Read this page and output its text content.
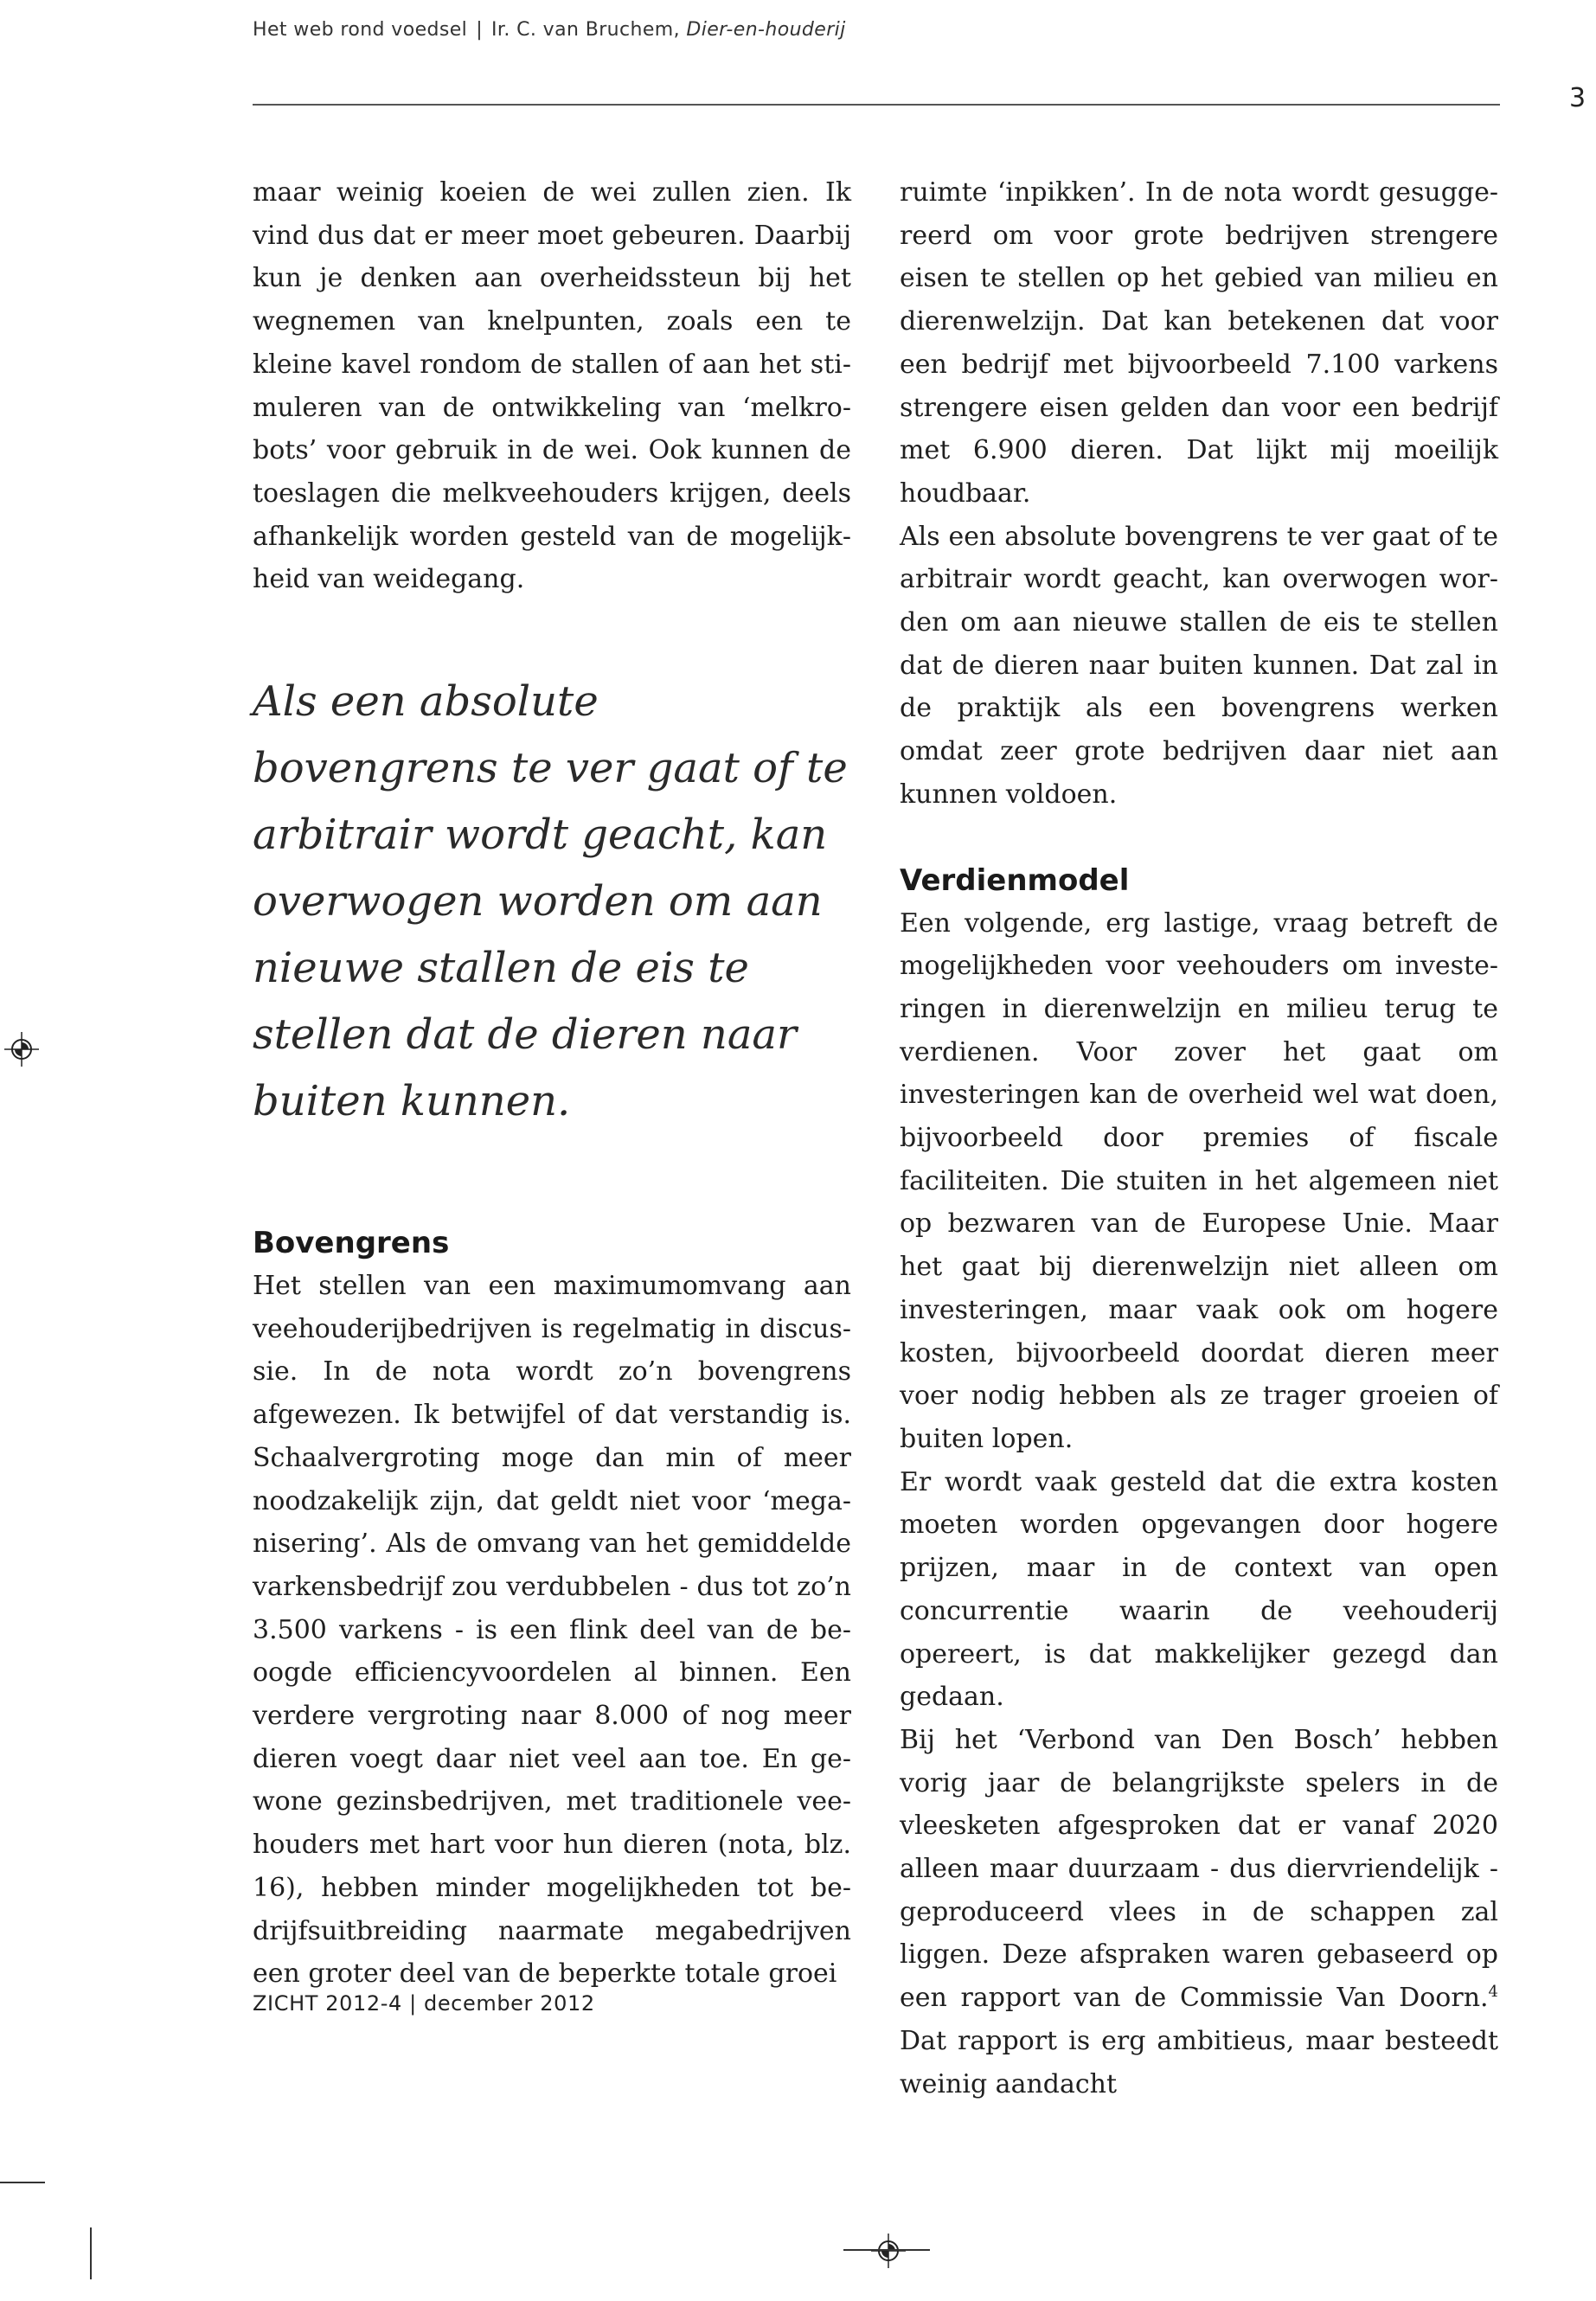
Het web rond voedsel | Ir. C. van Bruchem, Dier-en-houderij
3

maar weinig koeien de wei zullen zien. Ik vind dus dat er meer moet gebeuren. Daarbij kun je denken aan overheidssteun bij het wegnemen van knelpunten, zoals een te kleine kavel rondom de stallen of aan het stimuleren van de ontwikkeling van ‘melkrobots’ voor gebruik in de wei. Ook kunnen de toeslagen die melkveehouders krijgen, deels afhankelijk worden gesteld van de mogelijkheid van weidegang.

Als een absolute bovengrens te ver gaat of te arbitrair wordt geacht, kan overwogen worden om aan nieuwe stallen de eis te stellen dat de dieren naar buiten kunnen.
Bovengrens

Het stellen van een maximumomvang aan veehouderijbedrijven is regelmatig in discussie. In de nota wordt zo’n bovengrens afgewezen. Ik betwijfel of dat verstandig is. Schaalvergroting moge dan min of meer noodzakelijk zijn, dat geldt niet voor ‘meganisering’. Als de omvang van het gemiddelde varkensbedrijf zou verdubbelen - dus tot zo’n 3.500 varkens - is een flink deel van de beoogde efficiencyvoordelen al binnen. Een verdere vergroting naar 8.000 of nog meer dieren voegt daar niet veel aan toe. En gewone gezinsbedrijven, met traditionele veehouders met hart voor hun dieren (nota, blz. 16), hebben minder mogelijkheden tot bedrijfsuitbreiding naarmate megabedrijven een groter deel van de beperkte totale groei

ruimte ‘inpikken’. In de nota wordt gesuggereerd om voor grote bedrijven strengere eisen te stellen op het gebied van milieu en dierenwelzijn. Dat kan betekenen dat voor een bedrijf met bijvoorbeeld 7.100 varkens strengere eisen gelden dan voor een bedrijf met 6.900 dieren. Dat lijkt mij moeilijk houdbaar.

Als een absolute bovengrens te ver gaat of te arbitrair wordt geacht, kan overwogen worden om aan nieuwe stallen de eis te stellen dat de dieren naar buiten kunnen. Dat zal in de praktijk als een bovengrens werken omdat zeer grote bedrijven daar niet aan kunnen voldoen.

Verdienmodel

Een volgende, erg lastige, vraag betreft de mogelijkheden voor veehouders om investeringen in dierenwelzijn en milieu terug te verdienen. Voor zover het gaat om investeringen kan de overheid wel wat doen, bijvoorbeeld door premies of fiscale faciliteiten. Die stuiten in het algemeen niet op bezwaren van de Europese Unie. Maar het gaat bij dierenwelzijn niet alleen om investeringen, maar vaak ook om hogere kosten, bijvoorbeeld doordat dieren meer voer nodig hebben als ze trager groeien of buiten lopen.

Er wordt vaak gesteld dat die extra kosten moeten worden opgevangen door hogere prijzen, maar in de context van open concurrentie waarin de veehouderij opereert, is dat makkelijker gezegd dan gedaan.

Bij het ‘Verbond van Den Bosch’ hebben vorig jaar de belangrijkste spelers in de vleesketen afgesproken dat er vanaf 2020 alleen maar duurzaam - dus diervriendelijk - geproduceerd vlees in de schappen zal liggen. Deze afspraken waren gebaseerd op een rapport van de Commissie Van Doorn.$^4$ Dat rapport is erg ambitieus, maar besteedt weinig aandacht

ZICHT 2012-4 | december 2012
